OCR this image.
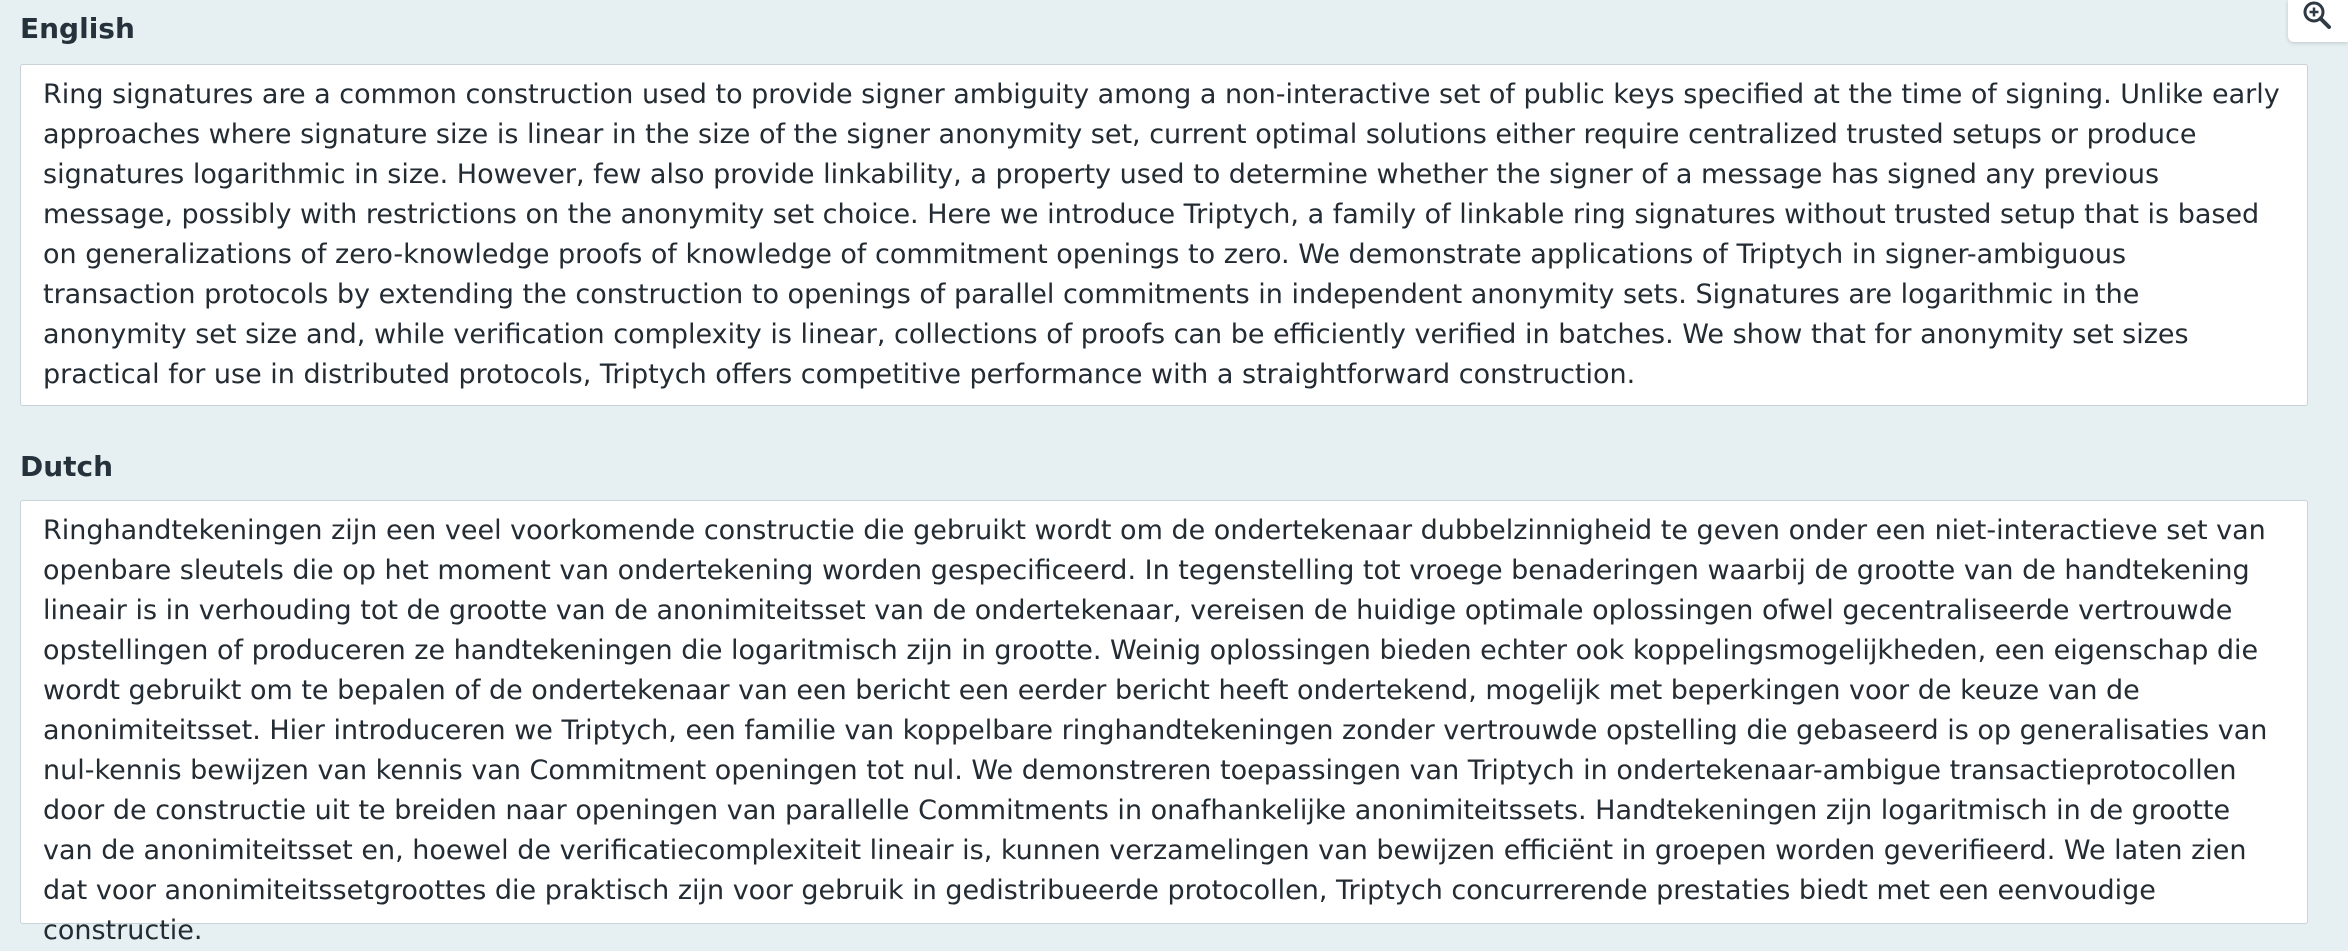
English
Ring signatures are a common construction used to provide signer ambiguity among a non-interactive set of public keys specified at the time of signing. Unlike early approaches where signature size is linear in the size of the signer anonymity set, current optimal solutions either require centralized trusted setups or produce signatures logarithmic in size. However, few also provide linkability, a property used to determine whether the signer of a message has signed any previous message, possibly with restrictions on the anonymity set choice. Here we introduce Triptych, a family of linkable ring signatures without trusted setup that is based on generalizations of zero-knowledge proofs of knowledge of commitment openings to zero. We demonstrate applications of Triptych in signer-ambiguous transaction protocols by extending the construction to openings of parallel commitments in independent anonymity sets. Signatures are logarithmic in the anonymity set size and, while verification complexity is linear, collections of proofs can be efficiently verified in batches. We show that for anonymity set sizes practical for use in distributed protocols, Triptych offers competitive performance with a straightforward construction.
Dutch
Ringhandtekeningen zijn een veel voorkomende constructie die gebruikt wordt om de ondertekenaar dubbelzinnigheid te geven onder een niet-interactieve set van openbare sleutels die op het moment van ondertekening worden gespecificeerd. In tegenstelling tot vroege benaderingen waarbij de grootte van de handtekening lineair is in verhouding tot de grootte van de anonimiteitsset van de ondertekenaar, vereisen de huidige optimale oplossingen ofwel gecentraliseerde vertrouwde opstellingen of produceren ze handtekeningen die logaritmisch zijn in grootte. Weinig oplossingen bieden echter ook koppelingsmogelijkheden, een eigenschap die wordt gebruikt om te bepalen of de ondertekenaar van een bericht een eerder bericht heeft ondertekend, mogelijk met beperkingen voor de keuze van de anonimiteitsset. Hier introduceren we Triptych, een familie van koppelbare ringhandtekeningen zonder vertrouwde opstelling die gebaseerd is op generalisaties van nul-kennis bewijzen van kennis van Commitment openingen tot nul. We demonstreren toepassingen van Triptych in ondertekenaar-ambigue transactieprotocollen door de constructie uit te breiden naar openingen van parallelle Commitments in onafhankelijke anonimiteitssets. Handtekeningen zijn logaritmisch in de grootte van de anonimiteitsset en, hoewel de verificatiecomplexiteit lineair is, kunnen verzamelingen van bewijzen efficiënt in groepen worden geverifieerd. We laten zien dat voor anonimiteitssetgroottes die praktisch zijn voor gebruik in gedistribueerde protocollen, Triptych concurrerende prestaties biedt met een eenvoudige constructie.
